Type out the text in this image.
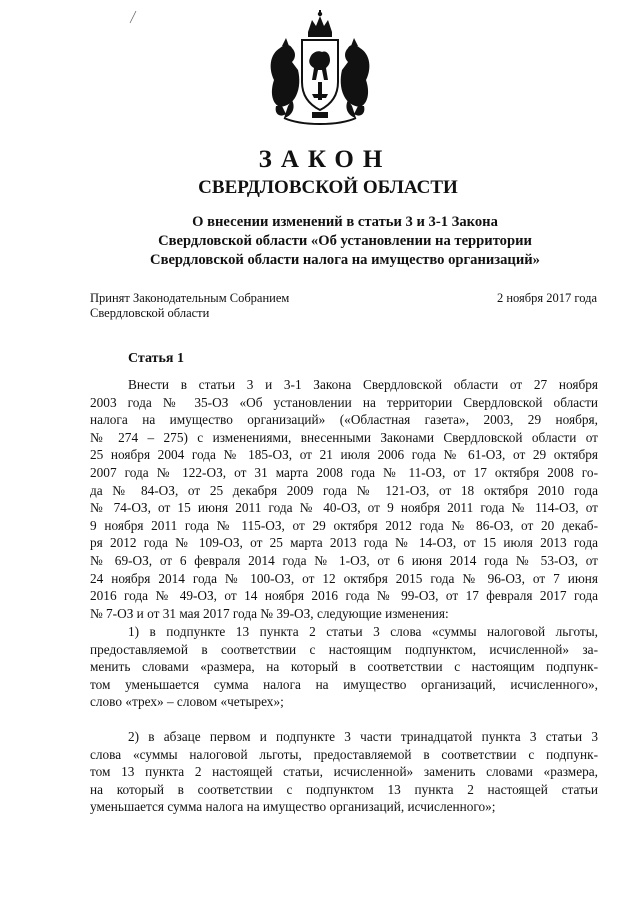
ЗАКОН
СВЕРДЛОВСКОЙ ОБЛАСТИ
О внесении изменений в статьи 3 и 3-1 Закона
Свердловской области «Об установлении на территории
Свердловской области налога на имущество организаций»
Принят Законодательным Собранием
Свердловской области
2 ноября 2017 года
Статья 1
Внести в статьи 3 и 3-1 Закона Свердловской области от 27 ноября
2003 года № 35-ОЗ «Об установлении на территории Свердловской области
налога на имущество организаций» («Областная газета», 2003, 29 ноября,
№ 274 – 275) с изменениями, внесенными Законами Свердловской области от
25 ноября 2004 года № 185-ОЗ, от 21 июля 2006 года № 61-ОЗ, от 29 октября
2007 года № 122-ОЗ, от 31 марта 2008 года № 11-ОЗ, от 17 октября 2008 го-
да № 84-ОЗ, от 25 декабря 2009 года № 121-ОЗ, от 18 октября 2010 года
№ 74-ОЗ, от 15 июня 2011 года № 40-ОЗ, от 9 ноября 2011 года № 114-ОЗ, от
9 ноября 2011 года № 115-ОЗ, от 29 октября 2012 года № 86-ОЗ, от 20 декаб-
ря 2012 года № 109-ОЗ, от 25 марта 2013 года № 14-ОЗ, от 15 июля 2013 года
№ 69-ОЗ, от 6 февраля 2014 года № 1-ОЗ, от 6 июня 2014 года № 53-ОЗ, от
24 ноября 2014 года № 100-ОЗ, от 12 октября 2015 года № 96-ОЗ, от 7 июня
2016 года № 49-ОЗ, от 14 ноября 2016 года № 99-ОЗ, от 17 февраля 2017 года
№ 7-ОЗ и от 31 мая 2017 года № 39-ОЗ, следующие изменения:
1) в подпункте 13 пункта 2 статьи 3 слова «суммы налоговой льготы,
предоставляемой в соответствии с настоящим подпунктом, исчисленной» за-
менить словами «размера, на который в соответствии с настоящим подпунк-
том уменьшается сумма налога на имущество организаций, исчисленного»,
слово «трех» – словом «четырех»;
2) в абзаце первом и подпункте 3 части тринадцатой пункта 3 статьи 3
слова «суммы налоговой льготы, предоставляемой в соответствии с подпунк-
том 13 пункта 2 настоящей статьи, исчисленной» заменить словами «размера,
на который в соответствии с подпунктом 13 пункта 2 настоящей статьи
уменьшается сумма налога на имущество организаций, исчисленного»;
